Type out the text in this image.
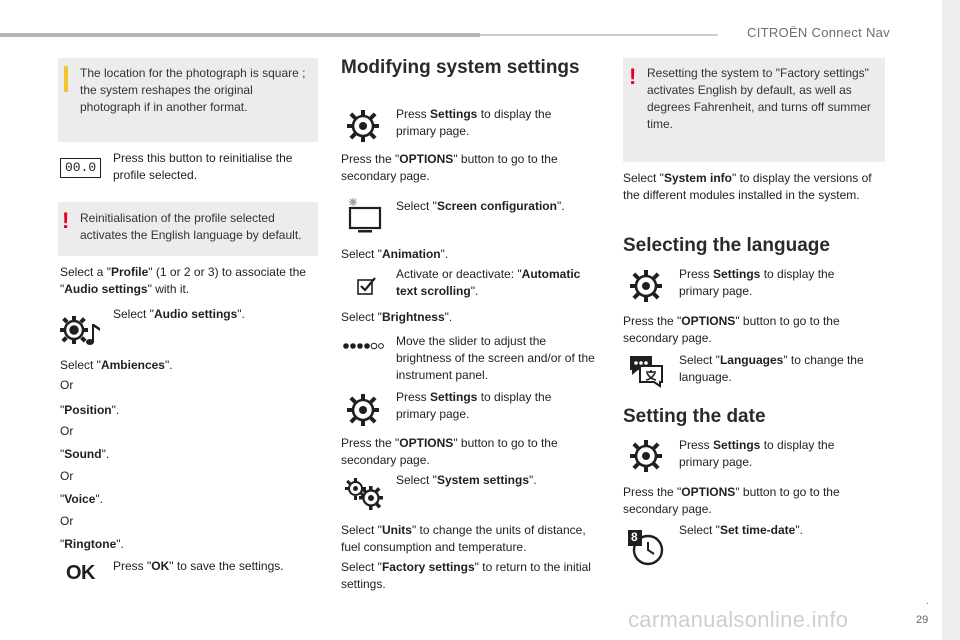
CITROËN Connect Nav
.
29
carmanualsonline.info
The location for the photograph is square ; the system reshapes the original photograph if in another format.
00.0
Press this button to reinitialise the profile selected.
! Reinitialisation of the profile selected activates the English language by default.
Select a "Profile" (1 or 2 or 3) to associate the "Audio settings" with it.
Select "Audio settings".
Select "Ambiences".
Or
"Position".
Or
"Sound".
Or
"Voice".
Or
"Ringtone".
OK Press "OK" to save the settings.
Modifying system settings
Press Settings to display the primary page.
Press the "OPTIONS" button to go to the secondary page.
Select "Screen configuration".
Select "Animation".
Activate or deactivate: "Automatic text scrolling".
Select "Brightness".
Move the slider to adjust the brightness of the screen and/or of the instrument panel.
Press Settings to display the primary page.
Press the "OPTIONS" button to go to the secondary page.
Select "System settings".
Select "Units" to change the units of distance, fuel consumption and temperature.
Select "Factory settings" to return to the initial settings.
! Resetting the system to "Factory settings" activates English by default, as well as degrees Fahrenheit, and turns off summer time.
Select "System info" to display the versions of the different modules installed in the system.
Selecting the language
Press Settings to display the primary page.
Press the "OPTIONS" button to go to the secondary page.
Select "Languages" to change the language.
Setting the date
Press Settings to display the primary page.
Press the "OPTIONS" button to go to the secondary page.
8	Select "Set time-date".
